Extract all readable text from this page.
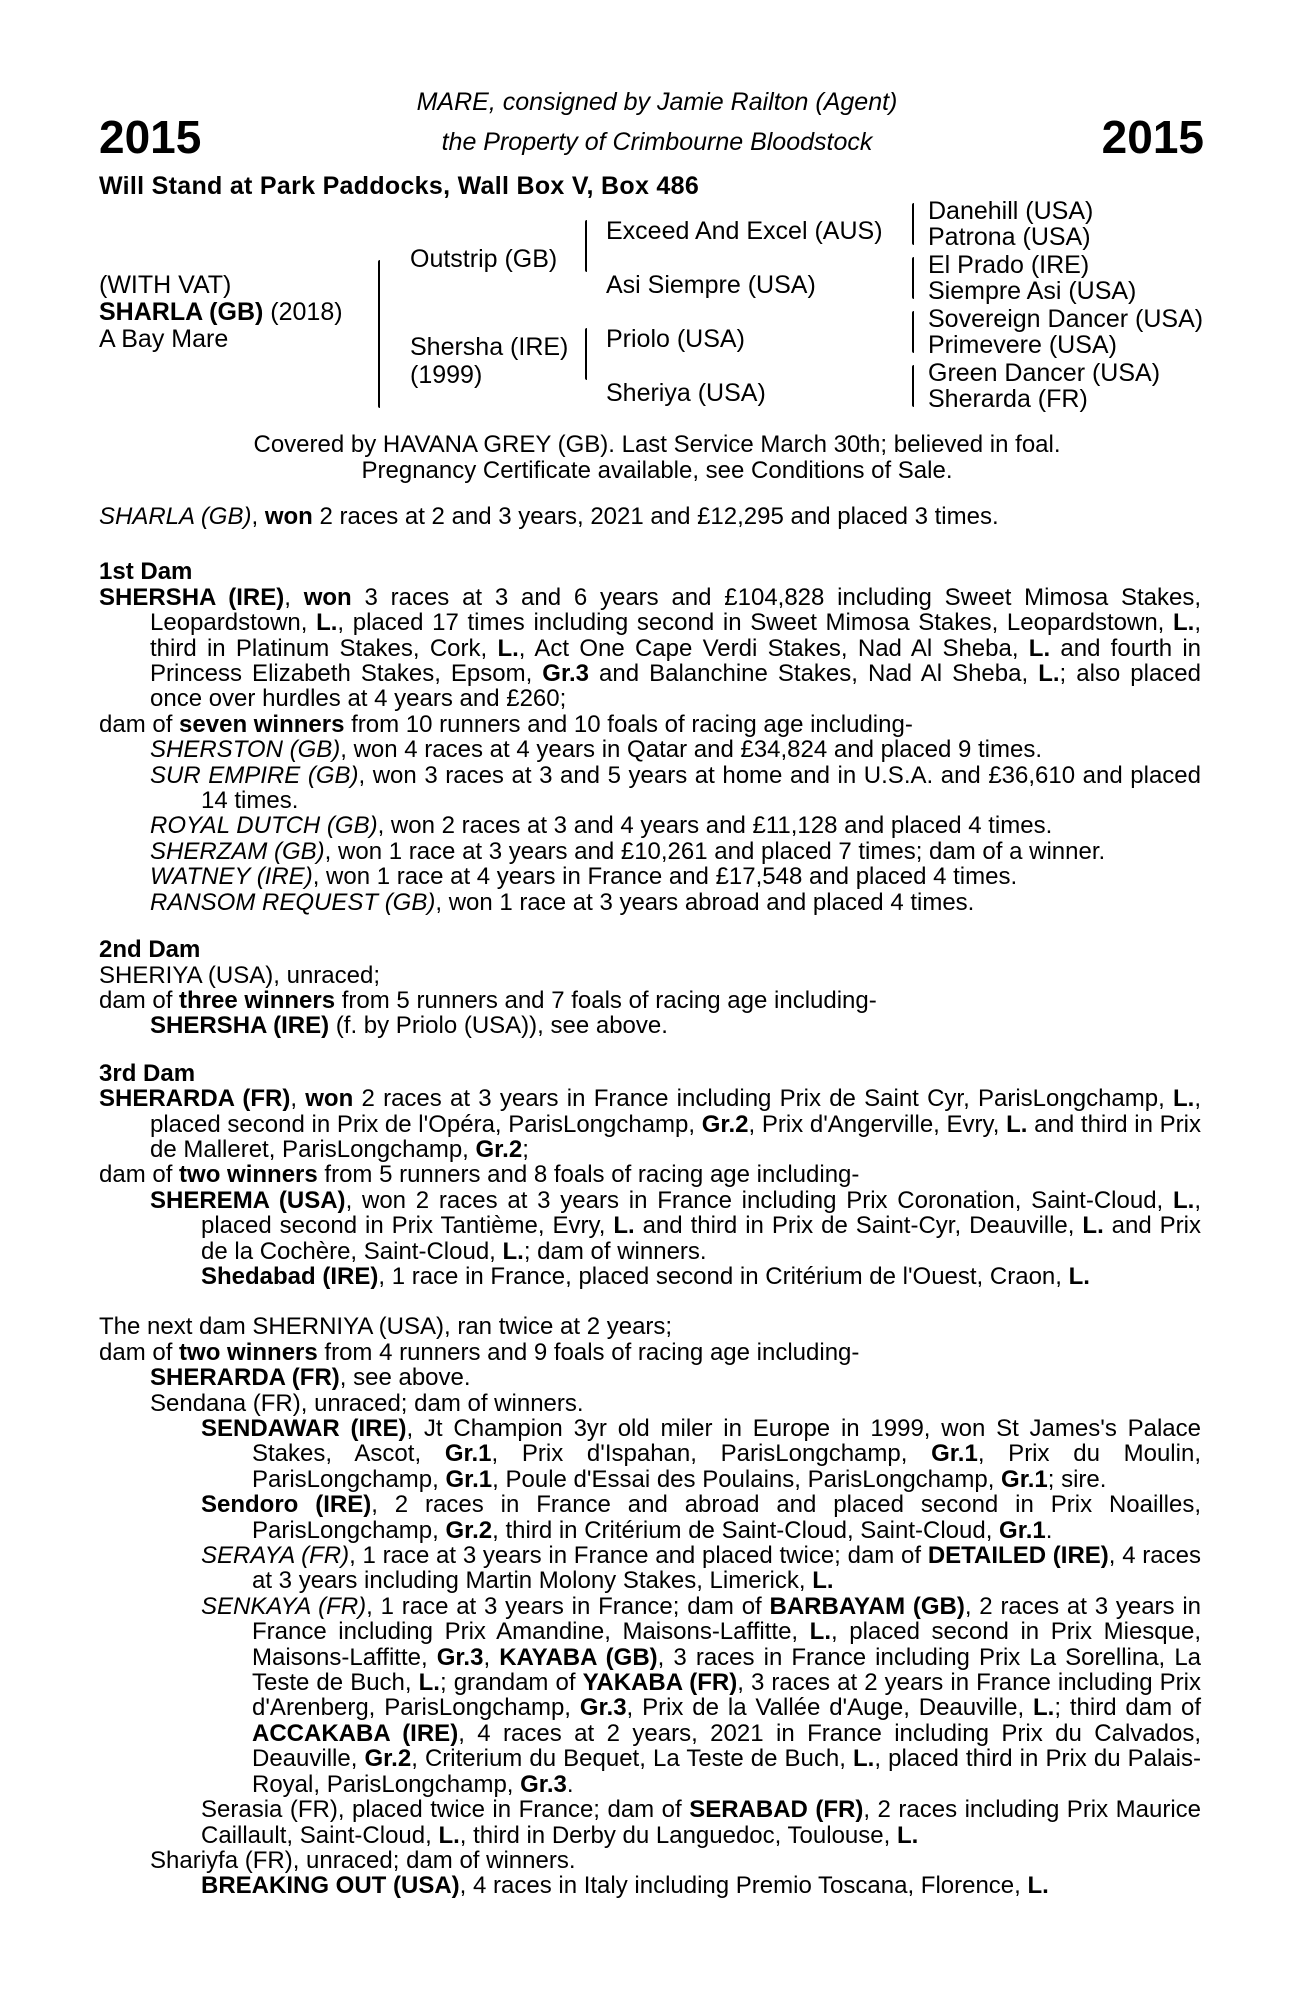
2015	2015
MARE, consigned by Jamie Railton (Agent)
the Property of Crimbourne Bloodstock
Will Stand at Park Paddocks, Wall Box V, Box 486
(WITH VAT)
SHARLA (GB) (2018)
A Bay Mare
Outstrip (GB)
Shersha (IRE)
(1999)
Exceed And Excel (AUS)
Asi Siempre (USA)
Priolo (USA)
Sheriya (USA)
Danehill (USA)
Patrona (USA)
El Prado (IRE)
Siempre Asi (USA)
Sovereign Dancer (USA)
Primevere (USA)
Green Dancer (USA)
Sherarda (FR)
Covered by HAVANA GREY (GB). Last Service March 30th; believed in foal.
Pregnancy Certificate available, see Conditions of Sale.
SHARLA (GB), won 2 races at 2 and 3 years, 2021 and £12,295 and placed 3 times.
1st Dam
SHERSHA (IRE), won 3 races at 3 and 6 years and £104,828 including Sweet Mimosa Stakes, Leopardstown, L., placed 17 times including second in Sweet Mimosa Stakes, Leopardstown, L., third in Platinum Stakes, Cork, L., Act One Cape Verdi Stakes, Nad Al Sheba, L. and fourth in Princess Elizabeth Stakes, Epsom, Gr.3 and Balanchine Stakes, Nad Al Sheba, L.; also placed once over hurdles at 4 years and £260;
dam of seven winners from 10 runners and 10 foals of racing age including-
SHERSTON (GB), won 4 races at 4 years in Qatar and £34,824 and placed 9 times.
SUR EMPIRE (GB), won 3 races at 3 and 5 years at home and in U.S.A. and £36,610 and placed 14 times.
ROYAL DUTCH (GB), won 2 races at 3 and 4 years and £11,128 and placed 4 times.
SHERZAM (GB), won 1 race at 3 years and £10,261 and placed 7 times; dam of a winner.
WATNEY (IRE), won 1 race at 4 years in France and £17,548 and placed 4 times.
RANSOM REQUEST (GB), won 1 race at 3 years abroad and placed 4 times.
2nd Dam
SHERIYA (USA), unraced;
dam of three winners from 5 runners and 7 foals of racing age including-
SHERSHA (IRE) (f. by Priolo (USA)), see above.
3rd Dam
SHERARDA (FR), won 2 races at 3 years in France including Prix de Saint Cyr, ParisLongchamp, L., placed second in Prix de l'Opéra, ParisLongchamp, Gr.2, Prix d'Angerville, Evry, L. and third in Prix de Malleret, ParisLongchamp, Gr.2;
dam of two winners from 5 runners and 8 foals of racing age including-
SHEREMA (USA), won 2 races at 3 years in France including Prix Coronation, Saint-Cloud, L., placed second in Prix Tantième, Evry, L. and third in Prix de Saint-Cyr, Deauville, L. and Prix de la Cochère, Saint-Cloud, L.; dam of winners.
Shedabad (IRE), 1 race in France, placed second in Critérium de l'Ouest, Craon, L.
The next dam SHERNIYA (USA), ran twice at 2 years;
dam of two winners from 4 runners and 9 foals of racing age including-
SHERARDA (FR), see above.
Sendana (FR), unraced; dam of winners.
SENDAWAR (IRE), Jt Champion 3yr old miler in Europe in 1999, won St James's Palace Stakes, Ascot, Gr.1, Prix d'Ispahan, ParisLongchamp, Gr.1, Prix du Moulin, ParisLongchamp, Gr.1, Poule d'Essai des Poulains, ParisLongchamp, Gr.1; sire.
Sendoro (IRE), 2 races in France and abroad and placed second in Prix Noailles, ParisLongchamp, Gr.2, third in Critérium de Saint-Cloud, Saint-Cloud, Gr.1.
SERAYA (FR), 1 race at 3 years in France and placed twice; dam of DETAILED (IRE), 4 races at 3 years including Martin Molony Stakes, Limerick, L.
SENKAYA (FR), 1 race at 3 years in France; dam of BARBAYAM (GB), 2 races at 3 years in France including Prix Amandine, Maisons-Laffitte, L., placed second in Prix Miesque, Maisons-Laffitte, Gr.3, KAYABA (GB), 3 races in France including Prix La Sorellina, La Teste de Buch, L.; grandam of YAKABA (FR), 3 races at 2 years in France including Prix d'Arenberg, ParisLongchamp, Gr.3, Prix de la Vallée d'Auge, Deauville, L.; third dam of ACCAKABA (IRE), 4 races at 2 years, 2021 in France including Prix du Calvados, Deauville, Gr.2, Criterium du Bequet, La Teste de Buch, L., placed third in Prix du Palais-Royal, ParisLongchamp, Gr.3.
Serasia (FR), placed twice in France; dam of SERABAD (FR), 2 races including Prix Maurice Caillault, Saint-Cloud, L., third in Derby du Languedoc, Toulouse, L.
Shariyfa (FR), unraced; dam of winners.
BREAKING OUT (USA), 4 races in Italy including Premio Toscana, Florence, L.
